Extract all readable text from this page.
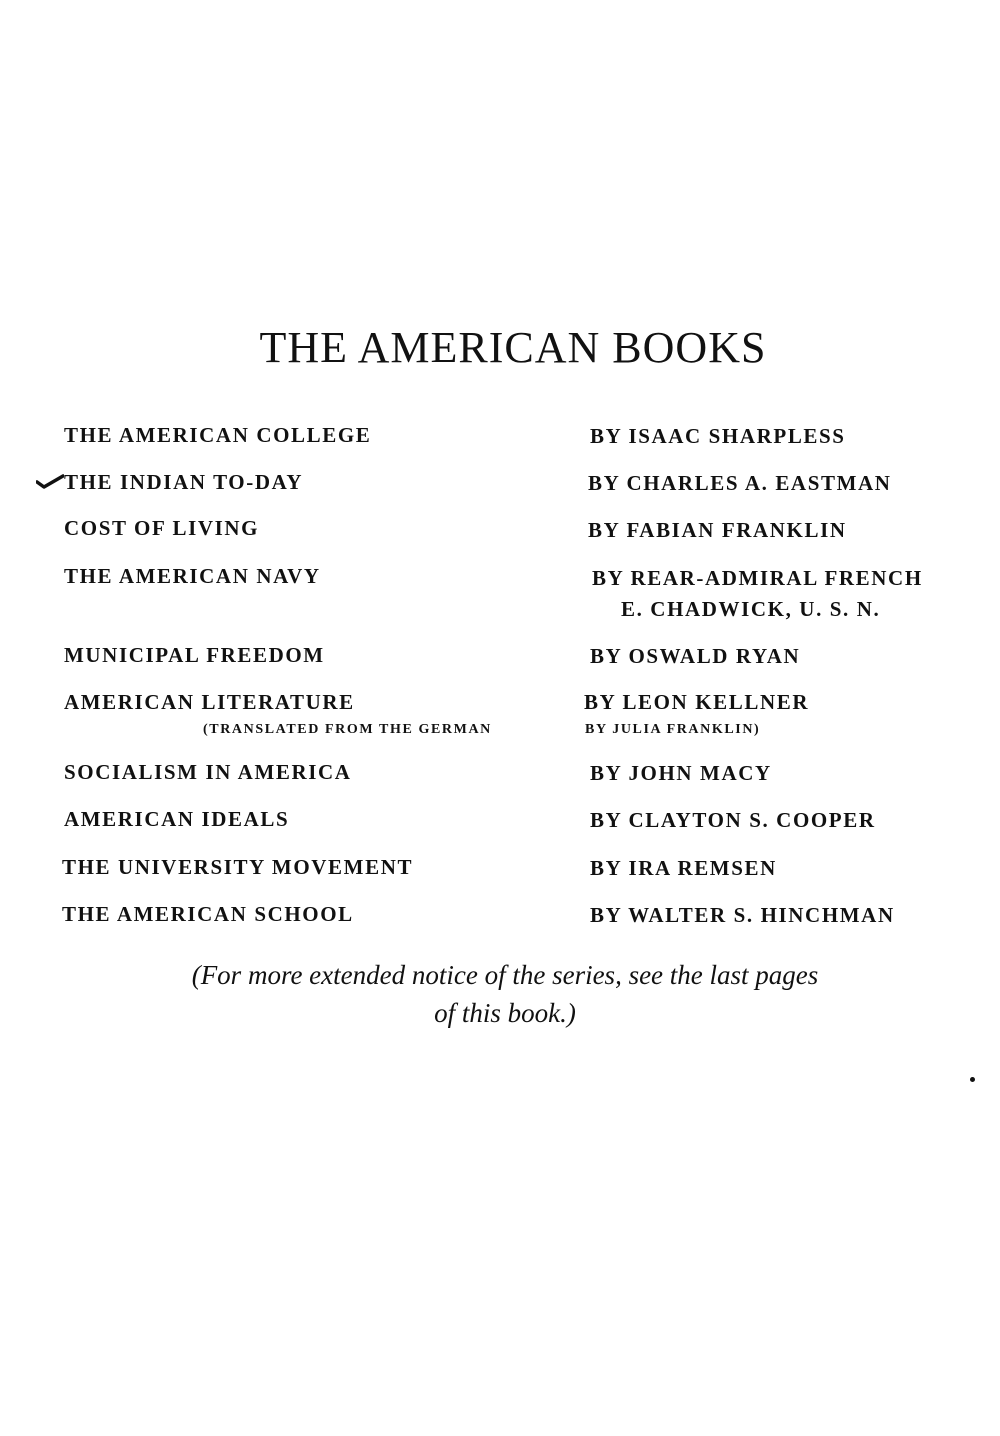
THE AMERICAN BOOKS
THE AMERICAN COLLEGE	BY ISAAC SHARPLESS
THE INDIAN TO-DAY	BY CHARLES A. EASTMAN
COST OF LIVING	BY FABIAN FRANKLIN
THE AMERICAN NAVY	BY REAR-ADMIRAL FRENCH
E. CHADWICK, U. S. N.
MUNICIPAL FREEDOM	BY OSWALD RYAN
AMERICAN LITERATURE	BY LEON KELLNER
(TRANSLATED FROM THE GERMAN	BY JULIA FRANKLIN)
SOCIALISM IN AMERICA	BY JOHN MACY
AMERICAN IDEALS	BY CLAYTON S. COOPER
THE UNIVERSITY MOVEMENT	BY IRA REMSEN
THE AMERICAN SCHOOL	BY WALTER S. HINCHMAN
(For more extended notice of the series, see the last pages
of this book.)
